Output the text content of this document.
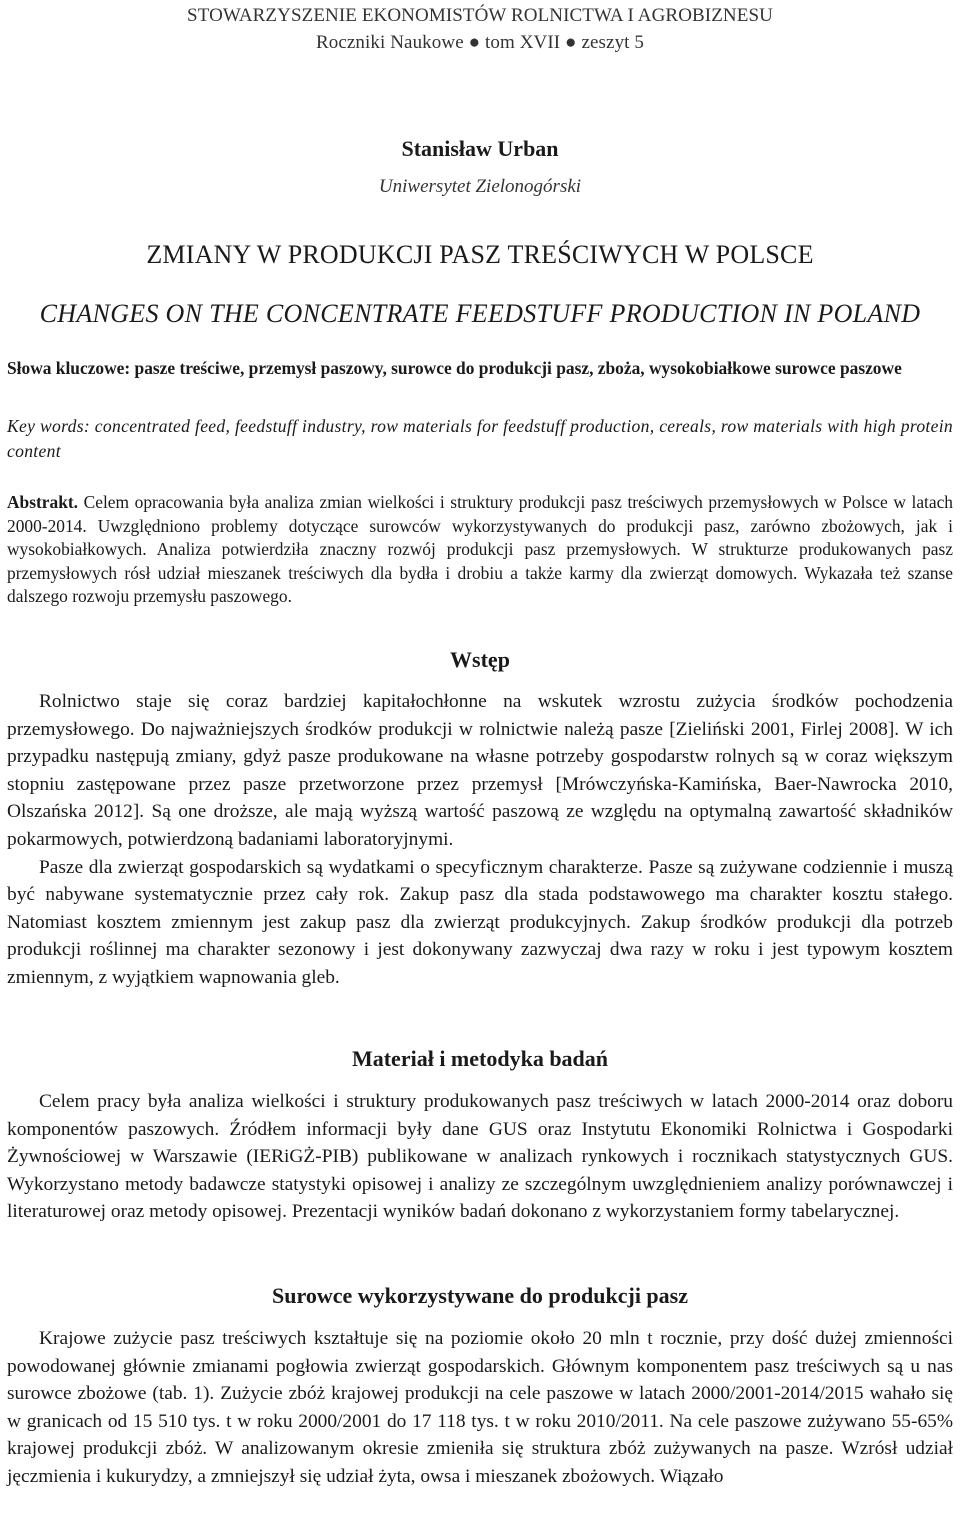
STOWARZYSZENIE EKONOMISTÓW ROLNICTWA I AGROBIZNESU
Roczniki Naukowe ● tom XVII ● zeszyt 5
Stanisław Urban
Uniwersytet Zielonogórski
ZMIANY W PRODUKCJI PASZ TREŚCIWYCH W POLSCE
CHANGES ON THE CONCENTRATE FEEDSTUFF PRODUCTION IN POLAND
Słowa kluczowe: pasze treściwe, przemysł paszowy, surowce do produkcji pasz, zboża, wysokobiałkowe surowce paszowe
Key words: concentrated feed, feedstuff industry, row materials for feedstuff production, cereals, row materials with high protein content
Abstrakt. Celem opracowania była analiza zmian wielkości i struktury produkcji pasz treściwych przemysłowych w Polsce w latach 2000-2014. Uwzględniono problemy dotyczące surowców wykorzystywanych do produkcji pasz, zarówno zbożowych, jak i wysokobiałkowych. Analiza potwierdziła znaczny rozwój produkcji pasz przemysłowych. W strukturze produkowanych pasz przemysłowych rósł udział mieszanek treściwych dla bydła i drobiu a także karmy dla zwierząt domowych. Wykazała też szanse dalszego rozwoju przemysłu paszowego.
Wstęp

Rolnictwo staje się coraz bardziej kapitałochłonne na wskutek wzrostu zużycia środków pochodzenia przemysłowego. Do najważniejszych środków produkcji w rolnictwie należą pasze [Zieliński 2001, Firlej 2008]. W ich przypadku następują zmiany, gdyż pasze produkowane na własne potrzeby gospodarstw rolnych są w coraz większym stopniu zastępowane przez pasze przetworzone przez przemysł [Mrówczyńska-Kamińska, Baer-Nawrocka 2010, Olszańska 2012]. Są one droższe, ale mają wyższą wartość paszową ze względu na optymalną zawartość składników pokarmowych, potwierdzoną badaniami laboratoryjnymi.

Pasze dla zwierząt gospodarskich są wydatkami o specyficznym charakterze. Pasze są zużywane codziennie i muszą być nabywane systematycznie przez cały rok. Zakup pasz dla stada podstawowego ma charakter kosztu stałego. Natomiast kosztem zmiennym jest zakup pasz dla zwierząt produkcyjnych. Zakup środków produkcji dla potrzeb produkcji roślinnej ma charakter sezonowy i jest dokonywany zazwyczaj dwa razy w roku i jest typowym kosztem zmiennym, z wyjątkiem wapnowania gleb.

Materiał i metodyka badań

Celem pracy była analiza wielkości i struktury produkowanych pasz treściwych w latach 2000-2014 oraz doboru komponentów paszowych. Źródłem informacji były dane GUS oraz Instytutu Ekonomiki Rolnictwa i Gospodarki Żywnościowej w Warszawie (IERiGŻ-PIB) publikowane w analizach rynkowych i rocznikach statystycznych GUS. Wykorzystano metody badawcze statystyki opisowej i analizy ze szczególnym uwzględnieniem analizy porównawczej i literaturowej oraz metody opisowej. Prezentacji wyników badań dokonano z wykorzystaniem formy tabelarycznej.

Surowce wykorzystywane do produkcji pasz

Krajowe zużycie pasz treściwych kształtuje się na poziomie około 20 mln t rocznie, przy dość dużej zmienności powodowanej głównie zmianami pogłowia zwierząt gospodarskich. Głównym komponentem pasz treściwych są u nas surowce zbożowe (tab. 1). Zużycie zbóż krajowej produkcji na cele paszowe w latach 2000/2001-2014/2015 wahało się w granicach od 15 510 tys. t w roku 2000/2001 do 17 118 tys. t w roku 2010/2011. Na cele paszowe zużywano 55-65% krajowej produkcji zbóż. W analizowanym okresie zmieniła się struktura zbóż zużywanych na pasze. Wzrósł udział jęczmienia i kukurydzy, a zmniejszył się udział żyta, owsa i mieszanek zbożowych. Wiązało
